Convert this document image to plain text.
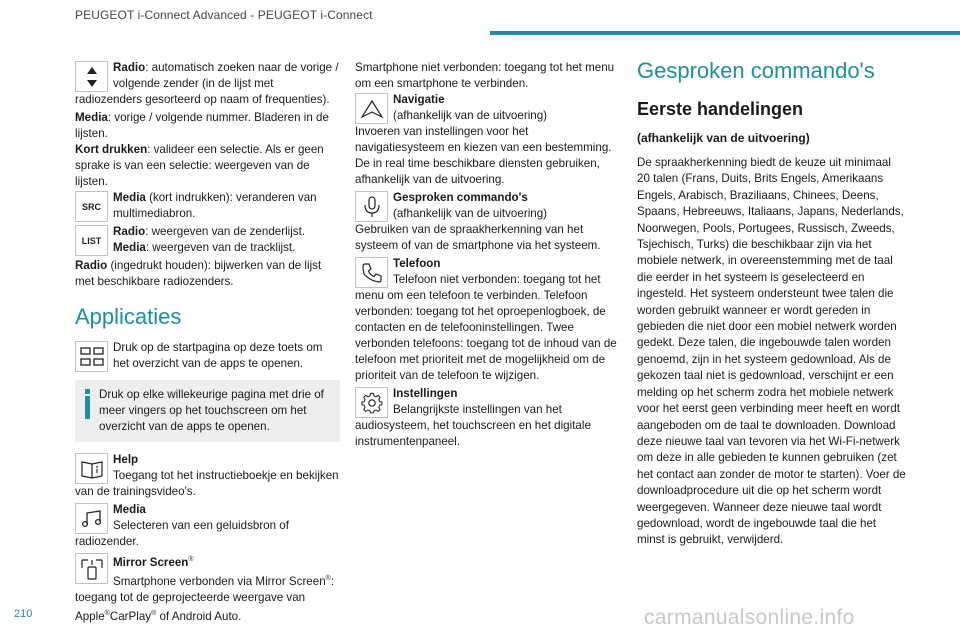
PEUGEOT i-Connect Advanced - PEUGEOT i-Connect

Radio: automatisch zoeken naar de vorige / volgende zender (in de lijst met radiozenders gesorteerd op naam of frequenties).

Media: vorige / volgende nummer. Bladeren in de lijsten.

Kort drukken: valideer een selectie. Als er geen sprake is van een selectie: weergeven van de lijsten.

SRC

Media (kort indrukken): veranderen van multimediabron.

LIST

Radio: weergeven van de zenderlijst.
Media: weergeven van de tracklijst.

Radio (ingedrukt houden): bijwerken van de lijst met beschikbare radiozenders.

Applicaties

Druk op de startpagina op deze toets om het overzicht van de apps te openen.

Druk op elke willekeurige pagina met drie of meer vingers op het touchscreen om het overzicht van de apps te openen.

Help
Toegang tot het instructieboekje en bekijken van de trainingsvideo's.

Media
Selecteren van een geluidsbron of radiozender.

Mirror Screen®
Smartphone verbonden via Mirror Screen®: toegang tot de geprojecteerde weergave van Apple®CarPlay® of Android Auto.

Smartphone niet verbonden: toegang tot het menu om een smartphone te verbinden.

Navigatie
(afhankelijk van de uitvoering)
Invoeren van instellingen voor het navigatiesysteem en kiezen van een bestemming. De in real time beschikbare diensten gebruiken, afhankelijk van de uitvoering.

Gesproken commando's
(afhankelijk van de uitvoering)
Gebruiken van de spraakherkenning van het systeem of van de smartphone via het systeem.

Telefoon
Telefoon niet verbonden: toegang tot het menu om een telefoon te verbinden. Telefoon verbonden: toegang tot het oproepenlogboek, de contacten en de telefooninstellingen. Twee verbonden telefoons: toegang tot de inhoud van de telefoon met prioriteit met de mogelijkheid om de prioriteit van de telefoon te wijzigen.

Instellingen
Belangrijkste instellingen van het audiosysteem, het touchscreen en het digitale instrumentenpaneel.

Gesproken commando's
Eerste handelingen
(afhankelijk van de uitvoering)

De spraakherkenning biedt de keuze uit minimaal 20 talen (Frans, Duits, Brits Engels, Amerikaans Engels, Arabisch, Braziliaans, Chinees, Deens, Spaans, Hebreeuws, Italiaans, Japans, Nederlands, Noorwegen, Pools, Portugees, Russisch, Zweeds, Tsjechisch, Turks) die beschikbaar zijn via het mobiele netwerk, in overeenstemming met de taal die eerder in het systeem is geselecteerd en ingesteld. Het systeem ondersteunt twee talen die worden gebruikt wanneer er wordt gereden in gebieden die niet door een mobiel netwerk worden gedekt. Deze talen, die ingebouwde talen worden genoemd, zijn in het systeem gedownload. Als de gekozen taal niet is gedownload, verschijnt er een melding op het scherm zodra het mobiele netwerk voor het eerst geen verbinding meer heeft en wordt aangeboden om de taal te downloaden. Download deze nieuwe taal van tevoren via het Wi-Fi-netwerk om deze in alle gebieden te kunnen gebruiken (zet het contact aan zonder de motor te starten). Voer de downloadprocedure uit die op het scherm wordt weergegeven. Wanneer deze nieuwe taal wordt gedownload, wordt de ingebouwde taal die het minst is gebruikt, verwijderd.

210	carmanualsonline.info
